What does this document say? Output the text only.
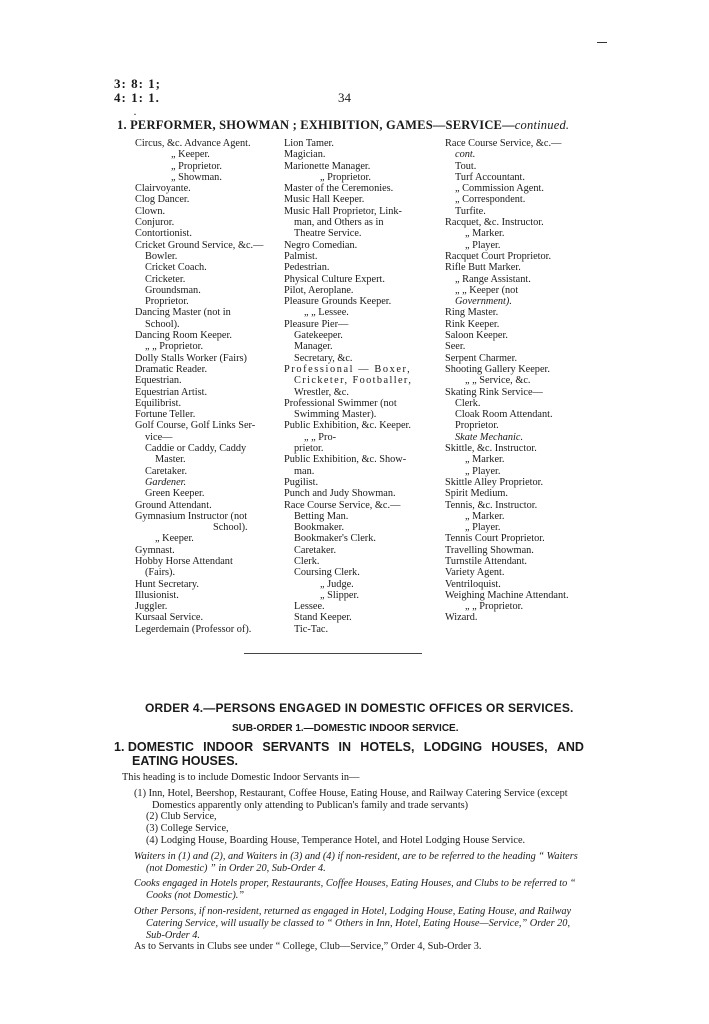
3: 8: 1;
4: 1: 1.	34
·
1. PERFORMER, SHOWMAN ; EXHIBITION, GAMES—SERVICE—continued.
Circus, &c. Advance Agent.
„ Keeper.
„ Proprietor.
„ Showman.
Clairvoyante.
Clog Dancer.
Clown.
Conjuror.
Contortionist.
Cricket Ground Service, &c.—
Bowler.
Cricket Coach.
Cricketer.
Groundsman.
Proprietor.
Dancing Master (not in
School).
Dancing Room Keeper.
„ „ Proprietor.
Dolly Stalls Worker (Fairs)
Dramatic Reader.
Equestrian.
Equestrian Artist.
Equilibrist.
Fortune Teller.
Golf Course, Golf Links Ser-
vice—
Caddie or Caddy, Caddy
Master.
Caretaker.
Gardener.
Green Keeper.
Ground Attendant.
Gymnasium Instructor (not
School).
„ Keeper.
Gymnast.
Hobby Horse Attendant
(Fairs).
Hunt Secretary.
Illusionist.
Juggler.
Kursaal Service.
Legerdemain (Professor of).
Lion Tamer.
Magician.
Marionette Manager.
„ Proprietor.
Master of the Ceremonies.
Music Hall Keeper.
Music Hall Proprietor, Link-
man, and Others as in
Theatre Service.
Negro Comedian.
Palmist.
Pedestrian.
Physical Culture Expert.
Pilot, Aeroplane.
Pleasure Grounds Keeper.
„ „ Lessee.
Pleasure Pier—
Gatekeeper.
Manager.
Secretary, &c.
Professional — Boxer,
Cricketer, Footballer,
Wrestler, &c.
Professional Swimmer (not
Swimming Master).
Public Exhibition, &c. Keeper.
„ „ Pro-
prietor.
Public Exhibition, &c. Show-
man.
Pugilist.
Punch and Judy Showman.
Race Course Service, &c.—
Betting Man.
Bookmaker.
Bookmaker's Clerk.
Caretaker.
Clerk.
Coursing Clerk.
„ Judge.
„ Slipper.
Lessee.
Stand Keeper.
Tic-Tac.
Race Course Service, &c.—
cont.
Tout.
Turf Accountant.
„ Commission Agent.
„ Correspondent.
Turfite.
Racquet, &c. Instructor.
„ Marker.
„ Player.
Racquet Court Proprietor.
Rifle Butt Marker.
„ Range Assistant.
„ „ Keeper (not
Government).
Ring Master.
Rink Keeper.
Saloon Keeper.
Seer.
Serpent Charmer.
Shooting Gallery Keeper.
„ „ Service, &c.
Skating Rink Service—
Clerk.
Cloak Room Attendant.
Proprietor.
Skate Mechanic.
Skittle, &c. Instructor.
„ Marker.
„ Player.
Skittle Alley Proprietor.
Spirit Medium.
Tennis, &c. Instructor.
„ Marker.
„ Player.
Tennis Court Proprietor.
Travelling Showman.
Turnstile Attendant.
Variety Agent.
Ventriloquist.
Weighing Machine Attendant.
„ „ Proprietor.
Wizard.
ORDER 4.—PERSONS ENGAGED IN DOMESTIC OFFICES OR SERVICES.
SUB-ORDER 1.—DOMESTIC INDOOR SERVICE.
1. DOMESTIC INDOOR SERVANTS IN HOTELS, LODGING HOUSES, AND
EATING HOUSES.

This heading is to include Domestic Indoor Servants in—

(1) Inn, Hotel, Beershop, Restaurant, Coffee House, Eating House, and Railway Catering Service (except Domestics apparently only attending to Publican's family and trade servants)

(2) Club Service,

(3) College Service,

(4) Lodging House, Boarding House, Temperance Hotel, and Hotel Lodging House Service.

Waiters in (1) and (2), and Waiters in (3) and (4) if non-resident, are to be referred to the heading “ Waiters (not Domestic) ” in Order 20, Sub-Order 4.

Cooks engaged in Hotels proper, Restaurants, Coffee Houses, Eating Houses, and Clubs to be referred to “ Cooks (not Domestic).”

Other Persons, if non-resident, returned as engaged in Hotel, Lodging House, Eating House, and Railway Catering Service, will usually be classed to “ Others in Inn, Hotel, Eating House—Service,” Order 20, Sub-Order 4.

As to Servants in Clubs see under “ College, Club—Service,” Order 4, Sub-Order 3.
